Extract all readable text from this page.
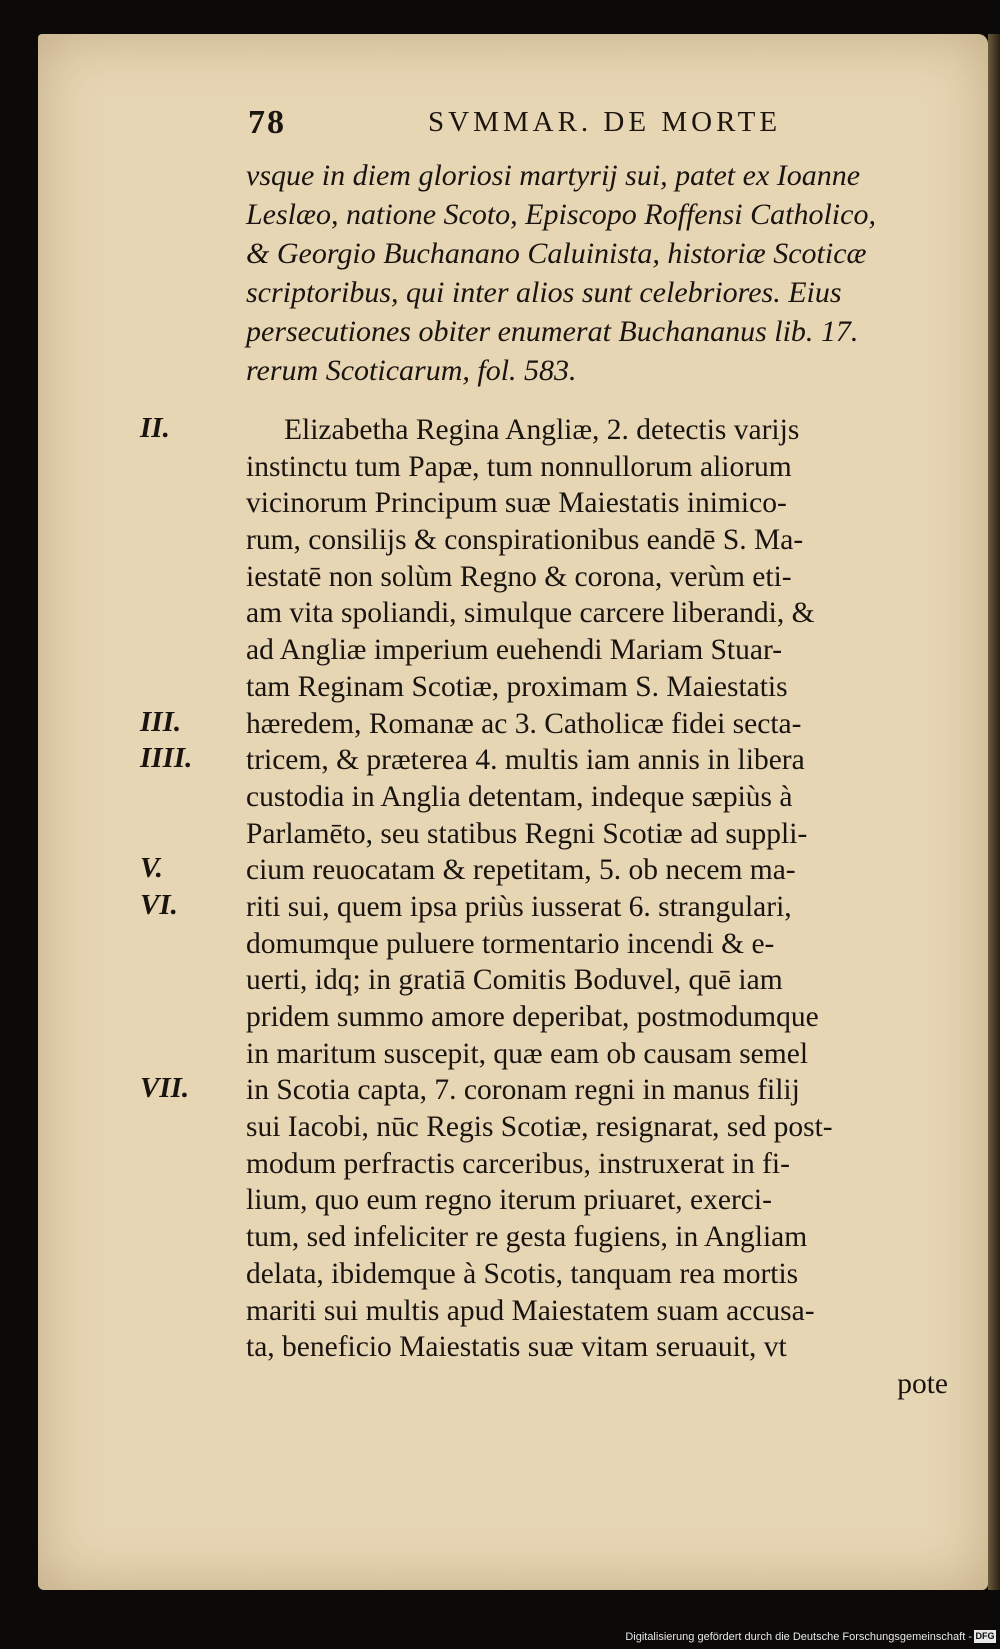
78	SVMMAR. DE MORTE
vsque in diem gloriosi martyrij sui, patet ex Ioanne
Leslæo, natione Scoto, Episcopo Roffensi Catholico,
& Georgio Buchanano Caluinista, historiæ Scoticæ
scriptoribus, qui inter alios sunt celebriores. Eius
persecutiones obiter enumerat Buchananus lib. 17.
rerum Scoticarum, fol. 583.
II.
III.
IIII.
V.
VI.
VII.
Elizabetha Regina Angliæ, 2. detectis varijs
instinctu tum Papæ, tum nonnullorum aliorum
vicinorum Principum suæ Maiestatis inimico-
rum, consilijs & conspirationibus eandē S. Ma-
iestatē non solùm Regno & corona, verùm eti-
am vita spoliandi, simulque carcere liberandi, &
ad Angliæ imperium euehendi Mariam Stuar-
tam Reginam Scotiæ, proximam S. Maiestatis
hæredem, Romanæ ac 3. Catholicæ fidei secta-
tricem, & præterea 4. multis iam annis in libera
custodia in Anglia detentam, indeque sæpiùs à
Parlamēto, seu statibus Regni Scotiæ ad suppli-
cium reuocatam & repetitam, 5. ob necem ma-
riti sui, quem ipsa priùs iusserat 6. strangulari,
domumque puluere tormentario incendi & e-
uerti, idq; in gratiā Comitis Boduvel, quē iam
pridem summo amore deperibat, postmodumque
in maritum suscepit, quæ eam ob causam semel
in Scotia capta, 7. coronam regni in manus filij
sui Iacobi, nūc Regis Scotiæ, resignarat, sed post-
modum perfractis carceribus, instruxerat in fi-
lium, quo eum regno iterum priuaret, exerci-
tum, sed infeliciter re gesta fugiens, in Angliam
delata, ibidemque à Scotis, tanquam rea mortis
mariti sui multis apud Maiestatem suam accusa-
ta, beneficio Maiestatis suæ vitam seruauit, vt
pote
Digitalisierung gefördert durch die Deutsche Forschungsgemeinschaft - DFG
